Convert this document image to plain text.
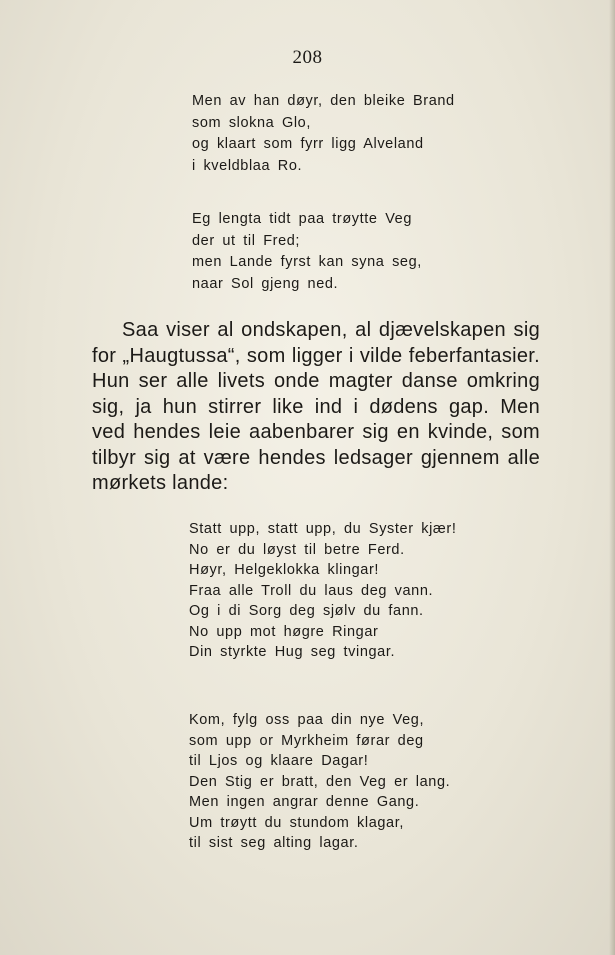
208
Men av han døyr, den bleike Brand
som slokna Glo,
og klaart som fyrr ligg Alveland
i kveldblaa Ro.
Eg lengta tidt paa trøytte Veg
der ut til Fred;
men Lande fyrst kan syna seg,
naar Sol gjeng ned.
Saa viser al ondskapen, al djævelskapen sig
for „Haugtussa“, som ligger i vilde feberfantasier.
Hun ser alle livets onde magter danse omkring
sig, ja hun stirrer like ind i dødens gap. Men
ved hendes leie aabenbarer sig en kvinde, som
tilbyr sig at være hendes ledsager gjennem alle
mørkets lande:
Statt upp, statt upp, du Syster kjær!
No er du løyst til betre Ferd.
Høyr, Helgeklokka klingar!
Fraa alle Troll du laus deg vann.
Og i di Sorg deg sjølv du fann.
No upp mot høgre Ringar
Din styrkte Hug seg tvingar.
Kom, fylg oss paa din nye Veg,
som upp or Myrkheim førar deg
til Ljos og klaare Dagar!
Den Stig er bratt, den Veg er lang.
Men ingen angrar denne Gang.
Um trøytt du stundom klagar,
til sist seg alting lagar.
